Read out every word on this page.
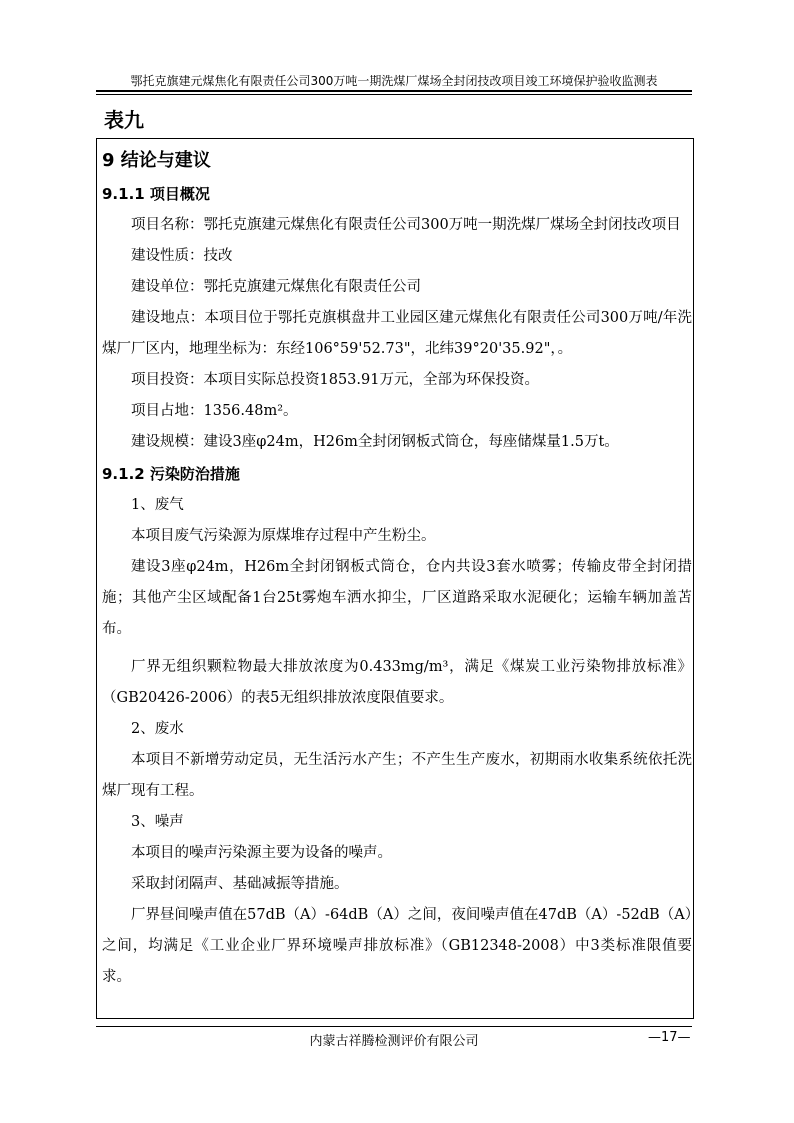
鄂托克旗建元煤焦化有限责任公司300万吨一期洗煤厂煤场全封闭技改项目竣工环境保护验收监测表
表九
9 结论与建议
9.1.1 项目概况

项目名称：鄂托克旗建元煤焦化有限责任公司300万吨一期洗煤厂煤场全封闭技改项目

建设性质：技改

建设单位：鄂托克旗建元煤焦化有限责任公司

建设地点：本项目位于鄂托克旗棋盘井工业园区建元煤焦化有限责任公司300万吨/年洗煤厂厂区内，地理坐标为：东经106°59'52.73"，北纬39°20'35.92"，。

项目投资：本项目实际总投资1853.91万元，全部为环保投资。

项目占地：1356.48m²。

建设规模：建设3座φ24m，H26m全封闭钢板式筒仓，每座储煤量1.5万t。

9.1.2 污染防治措施

1、废气

本项目废气污染源为原煤堆存过程中产生粉尘。

建设3座φ24m，H26m全封闭钢板式筒仓，仓内共设3套水喷雾；传输皮带全封闭措施；其他产尘区域配备1台25t雾炮车洒水抑尘，厂区道路采取水泥硬化；运输车辆加盖苫布。

厂界无组织颗粒物最大排放浓度为0.433mg/m³，满足《煤炭工业污染物排放标准》（GB20426-2006）的表5无组织排放浓度限值要求。

2、废水

本项目不新增劳动定员，无生活污水产生；不产生生产废水，初期雨水收集系统依托洗煤厂现有工程。

3、噪声

本项目的噪声污染源主要为设备的噪声。

采取封闭隔声、基础减振等措施。

厂界昼间噪声值在57dB（A）-64dB（A）之间，夜间噪声值在47dB（A）-52dB（A）之间，均满足《工业企业厂界环境噪声排放标准》（GB12348-2008）中3类标准限值要求。

内蒙古祥腾检测评价有限公司	—17—
